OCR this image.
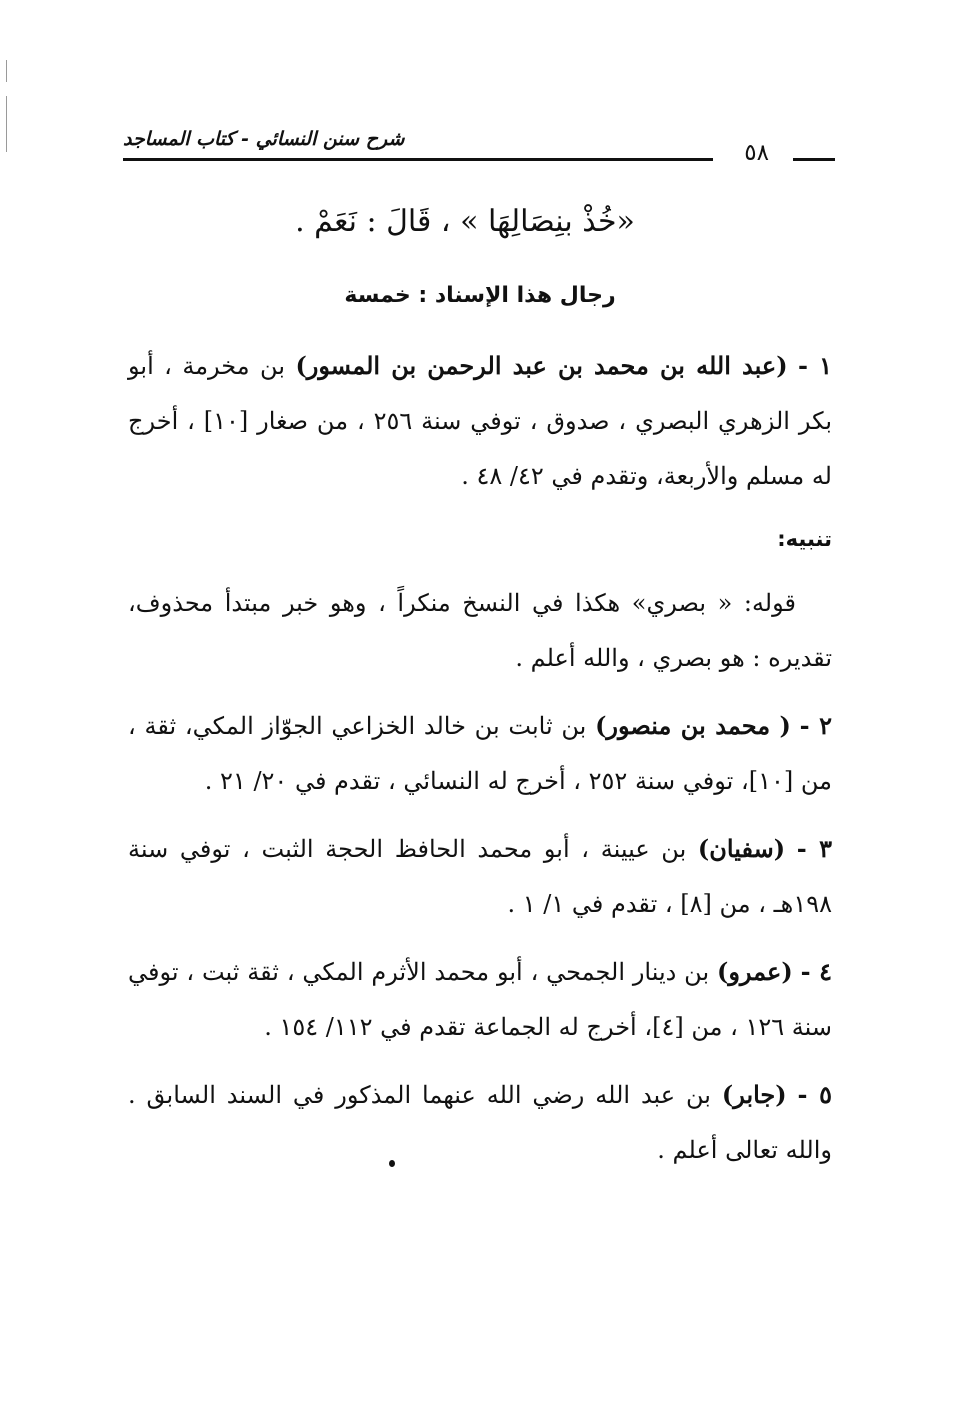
شرح سنن النسائي - كتاب المساجد
٥٨

«خُذْ بنِصَالِهَا » ، قَالَ : نَعَمْ .

رجال هذا الإسناد : خمسة

١ - (عبد الله بن محمد بن عبد الرحمن بن المسور) بن مخرمة ، أبو بكر الزهري البصري ، صدوق ، توفي سنة ٢٥٦ ، من صغار [١٠] ، أخرج له مسلم والأربعة، وتقدم في ٤٢/ ٤٨ .

تنبيه:

قوله: « بصري» هكذا في النسخ منكراً ، وهو خبر مبتدأ محذوف، تقديره : هو بصري ، والله أعلم .

٢ - ( محمد بن منصور) بن ثابت بن خالد الخزاعي الجوّاز المكي، ثقة ، من [١٠]، توفي سنة ٢٥٢ ، أخرج له النسائي ، تقدم في ٢٠/ ٢١ .

٣ - (سفيان) بن عيينة ، أبو محمد الحافظ الحجة الثبت ، توفي سنة ١٩٨هـ ، من [٨] ، تقدم في ١/ ١ .

٤ - (عمرو) بن دينار الجمحي ، أبو محمد الأثرم المكي ، ثقة ثبت ، توفي سنة ١٢٦ ، من [٤]، أخرج له الجماعة تقدم في ١١٢/ ١٥٤ .

٥ - (جابر) بن عبد الله رضي الله عنهما المذكور في السند السابق . والله تعالى أعلم .
